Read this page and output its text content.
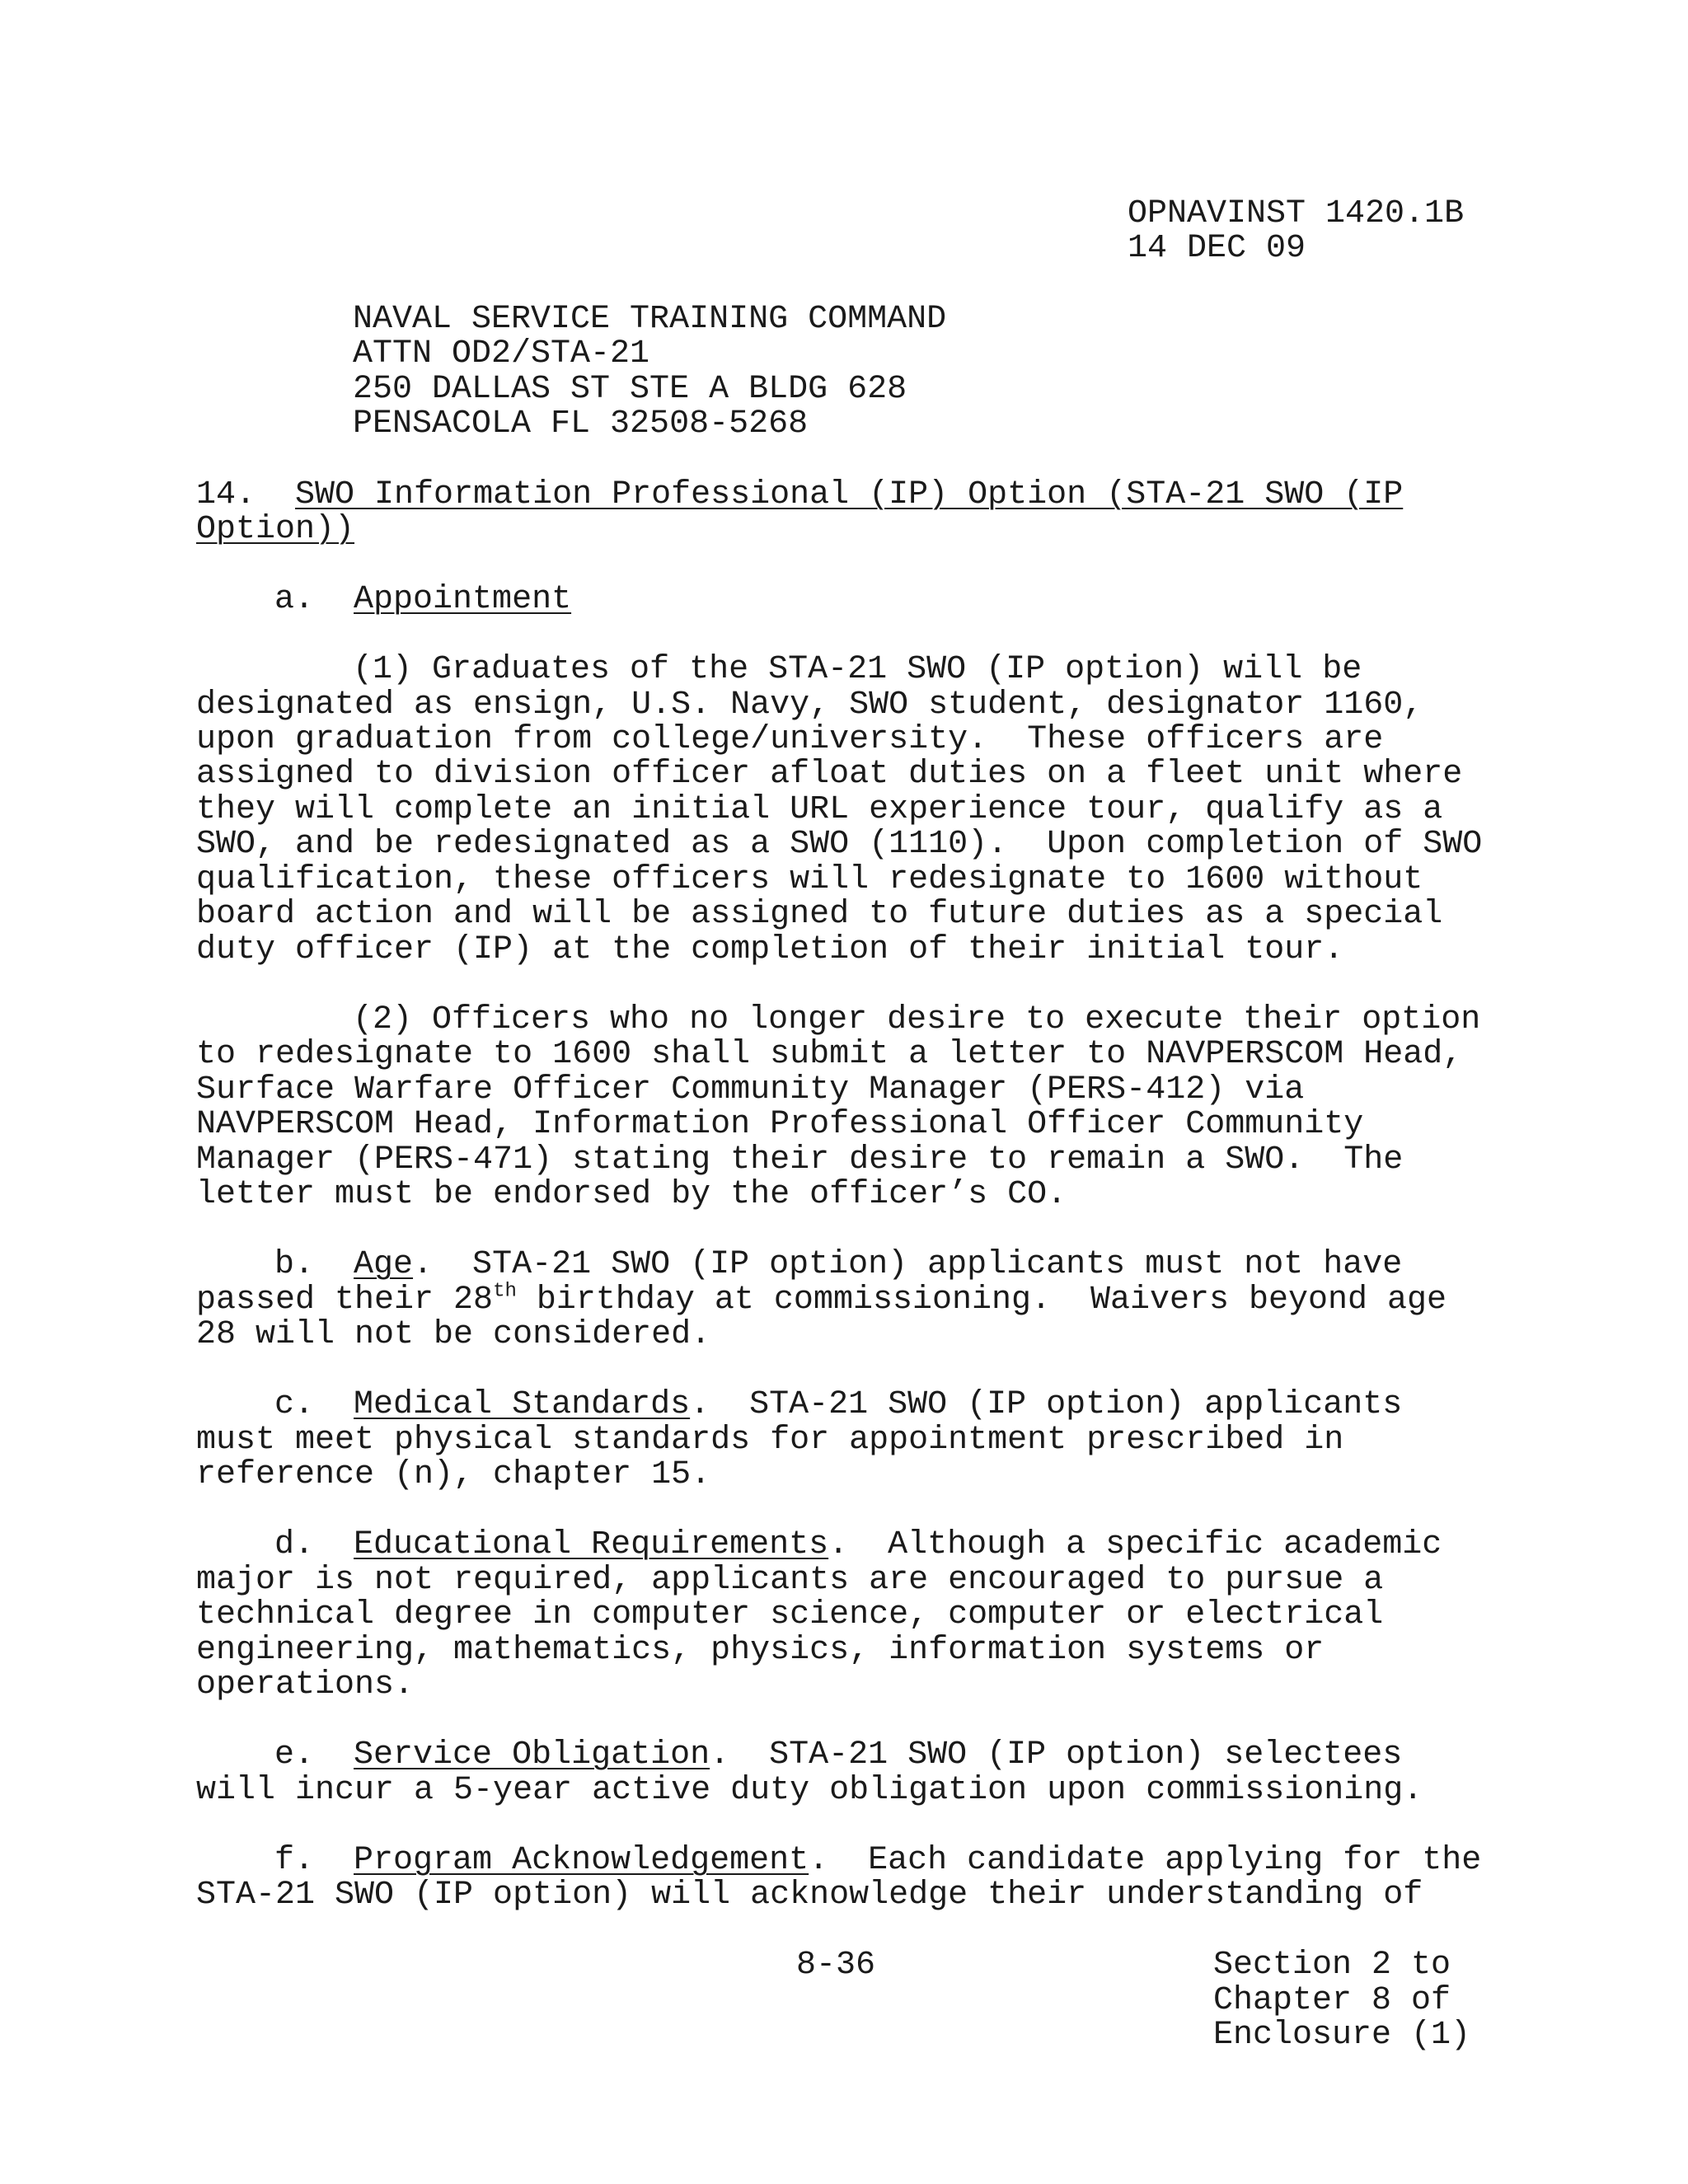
OPNAVINST 1420.1B
14 DEC 09
NAVAL SERVICE TRAINING COMMAND
ATTN OD2/STA-21
250 DALLAS ST STE A BLDG 628
PENSACOLA FL 32508-5268
14. SWO Information Professional (IP) Option (STA-21 SWO (IP
Option))
a. Appointment
(1) Graduates of the STA-21 SWO (IP option) will be
designated as ensign, U.S. Navy, SWO student, designator 1160,
upon graduation from college/university.  These officers are
assigned to division officer afloat duties on a fleet unit where
they will complete an initial URL experience tour, qualify as a
SWO, and be redesignated as a SWO (1110).  Upon completion of SWO
qualification, these officers will redesignate to 1600 without
board action and will be assigned to future duties as a special
duty officer (IP) at the completion of their initial tour.
(2) Officers who no longer desire to execute their option
to redesignate to 1600 shall submit a letter to NAVPERSCOM Head,
Surface Warfare Officer Community Manager (PERS-412) via
NAVPERSCOM Head, Information Professional Officer Community
Manager (PERS-471) stating their desire to remain a SWO.  The
letter must be endorsed by the officer’s CO.
b. Age.  STA-21 SWO (IP option) applicants must not have
passed their 28th birthday at commissioning.  Waivers beyond age
28 will not be considered.
c. Medical Standards.  STA-21 SWO (IP option) applicants
must meet physical standards for appointment prescribed in
reference (n), chapter 15.
d. Educational Requirements.  Although a specific academic
major is not required, applicants are encouraged to pursue a
technical degree in computer science, computer or electrical
engineering, mathematics, physics, information systems or
operations.
e. Service Obligation.  STA-21 SWO (IP option) selectees
will incur a 5-year active duty obligation upon commissioning.
f. Program Acknowledgement.  Each candidate applying for the
STA-21 SWO (IP option) will acknowledge their understanding of
8-36	Section 2 to
Chapter 8 of
Enclosure (1)
